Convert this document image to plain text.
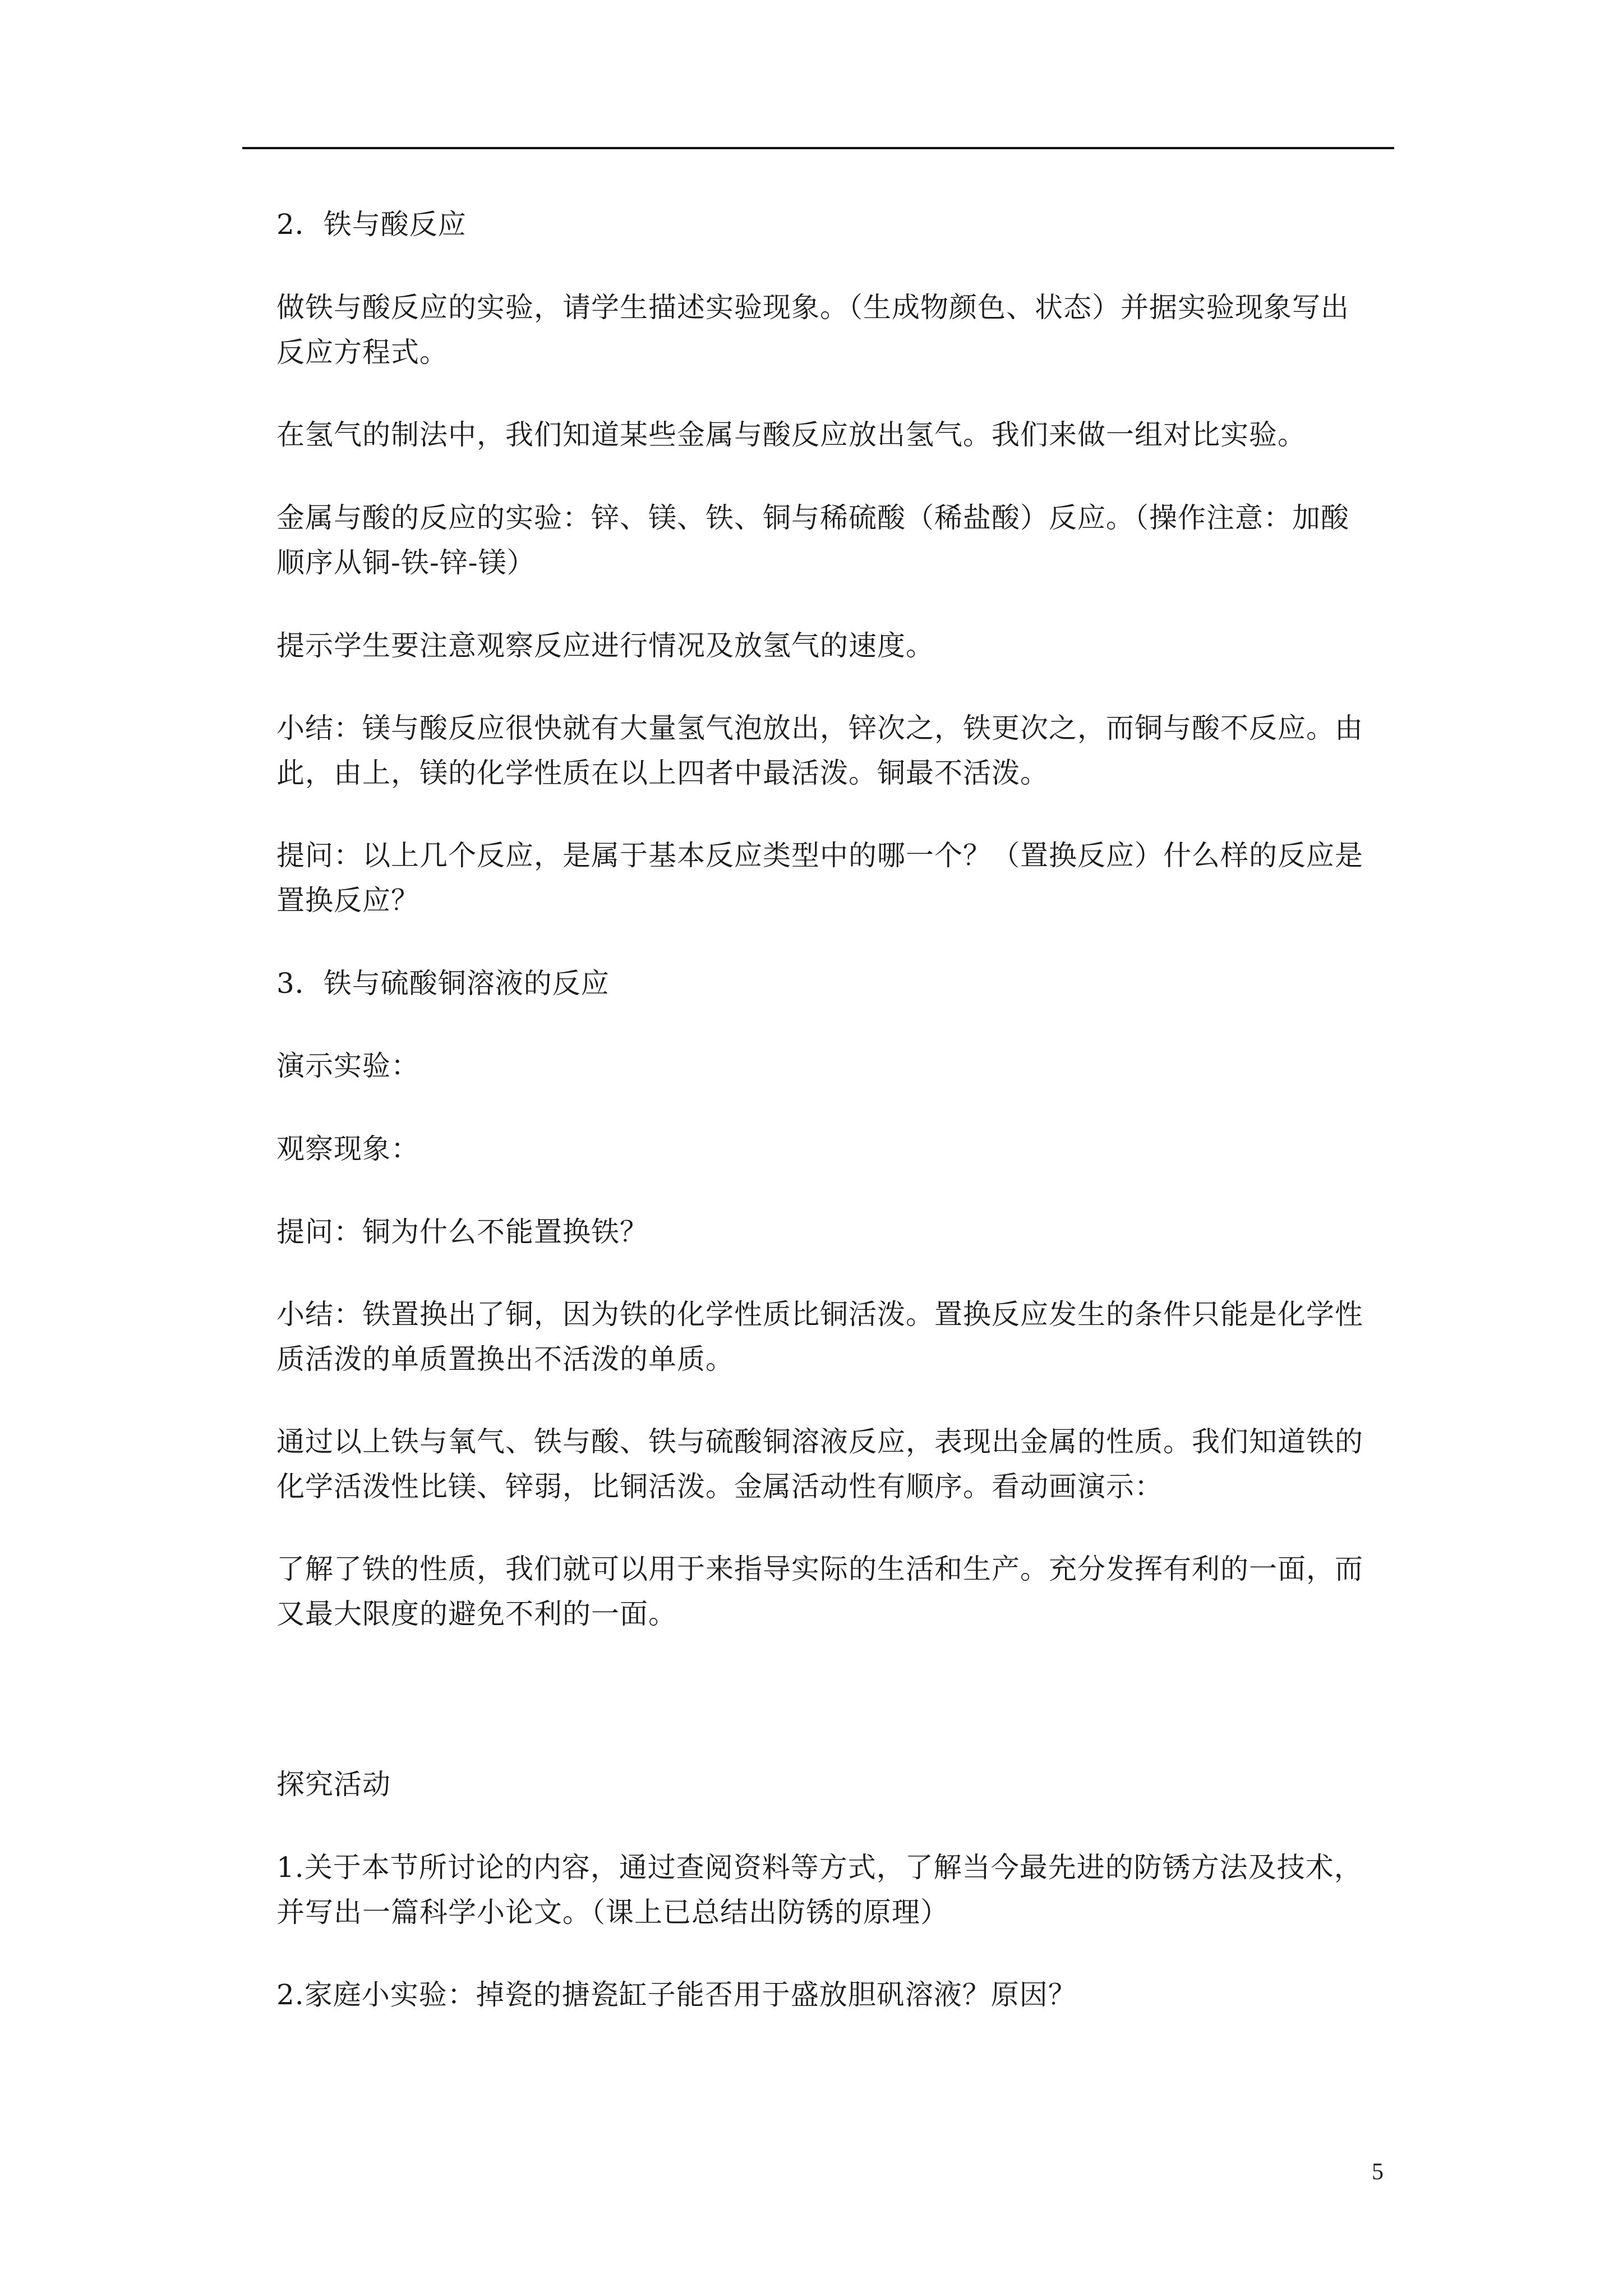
2．铁与酸反应

做铁与酸反应的实验，请学生描述实验现象。（生成物颜色、状态）并据实验现象写出反应方程式。

在氢气的制法中，我们知道某些金属与酸反应放出氢气。我们来做一组对比实验。

金属与酸的反应的实验：锌、镁、铁、铜与稀硫酸（稀盐酸）反应。（操作注意：加酸顺序从铜-铁-锌-镁）

提示学生要注意观察反应进行情况及放氢气的速度。

小结：镁与酸反应很快就有大量氢气泡放出，锌次之，铁更次之，而铜与酸不反应。由此，由上，镁的化学性质在以上四者中最活泼。铜最不活泼。

提问：以上几个反应，是属于基本反应类型中的哪一个？（置换反应）什么样的反应是置换反应？

3．铁与硫酸铜溶液的反应

演示实验：

观察现象：

提问：铜为什么不能置换铁？

小结：铁置换出了铜，因为铁的化学性质比铜活泼。置换反应发生的条件只能是化学性质活泼的单质置换出不活泼的单质。

通过以上铁与氧气、铁与酸、铁与硫酸铜溶液反应，表现出金属的性质。我们知道铁的化学活泼性比镁、锌弱，比铜活泼。金属活动性有顺序。看动画演示：

了解了铁的性质，我们就可以用于来指导实际的生活和生产。充分发挥有利的一面，而又最大限度的避免不利的一面。

探究活动

1.关于本节所讨论的内容，通过查阅资料等方式，了解当今最先进的防锈方法及技术，并写出一篇科学小论文。（课上已总结出防锈的原理）

2.家庭小实验：掉瓷的搪瓷缸子能否用于盛放胆矾溶液？原因？

5
